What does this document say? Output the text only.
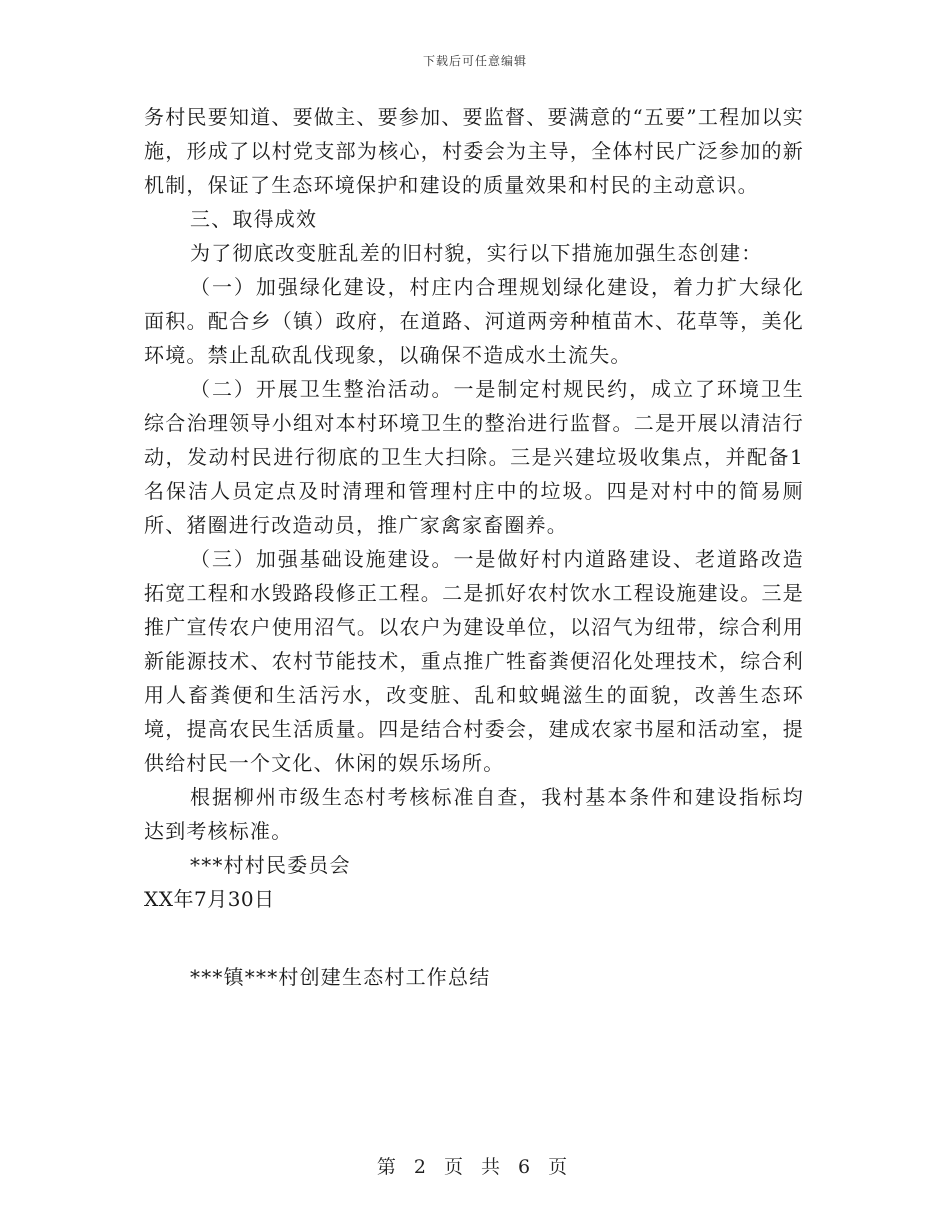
下载后可任意编辑

务村民要知道、要做主、要参加、要监督、要满意的“五要”工程加以实施，形成了以村党支部为核心，村委会为主导，全体村民广泛参加的新机制，保证了生态环境保护和建设的质量效果和村民的主动意识。

三、取得成效

为了彻底改变脏乱差的旧村貌，实行以下措施加强生态创建：

（一）加强绿化建设，村庄内合理规划绿化建设，着力扩大绿化面积。配合乡（镇）政府，在道路、河道两旁种植苗木、花草等，美化环境。禁止乱砍乱伐现象，以确保不造成水土流失。

（二）开展卫生整治活动。一是制定村规民约，成立了环境卫生综合治理领导小组对本村环境卫生的整治进行监督。二是开展以清洁行动，发动村民进行彻底的卫生大扫除。三是兴建垃圾收集点，并配备1名保洁人员定点及时清理和管理村庄中的垃圾。四是对村中的简易厕所、猪圈进行改造动员，推广家禽家畜圈养。

（三）加强基础设施建设。一是做好村内道路建设、老道路改造拓宽工程和水毁路段修正工程。二是抓好农村饮水工程设施建设。三是推广宣传农户使用沼气。以农户为建设单位，以沼气为纽带，综合利用新能源技术、农村节能技术，重点推广牲畜粪便沼化处理技术，综合利用人畜粪便和生活污水，改变脏、乱和蚊蝇滋生的面貌，改善生态环境，提高农民生活质量。四是结合村委会，建成农家书屋和活动室，提供给村民一个文化、休闲的娱乐场所。

根据柳州市级生态村考核标准自查，我村基本条件和建设指标均达到考核标准。

***村村民委员会

XX年7月30日

***镇***村创建生态村工作总结

第 2 页 共 6 页
